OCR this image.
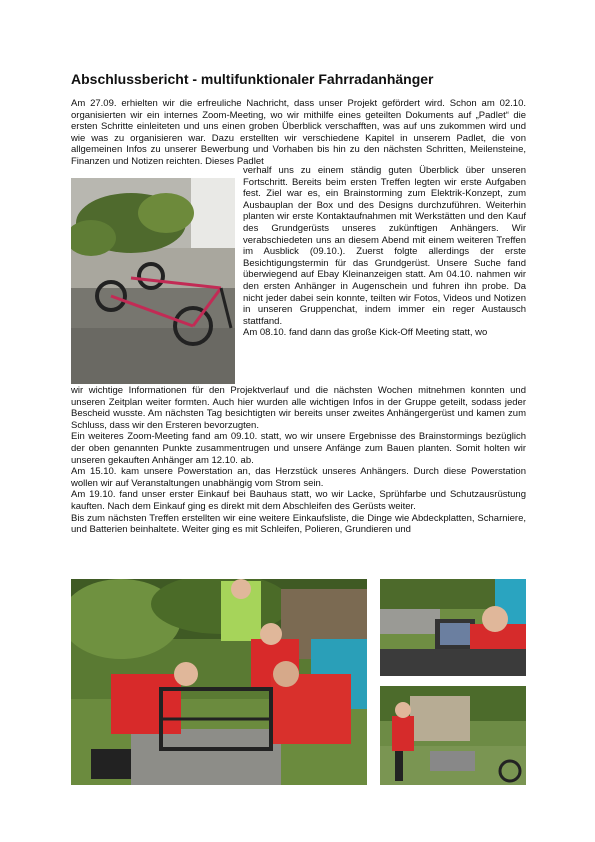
Abschlussbericht - multifunktionaler Fahrradanhänger

Am 27.09. erhielten wir die erfreuliche Nachricht, dass unser Projekt gefördert wird. Schon am 02.10. organisierten wir ein internes Zoom-Meeting, wo wir mithilfe eines geteilten Dokuments auf „Padlet“ die ersten Schritte einleiteten und uns einen groben Überblick verschafften, was auf uns zukommen wird und wie was zu organisieren war. Dazu erstellten wir verschiedene Kapitel in unserem Padlet, die von allgemeinen Infos zu unserer Bewerbung und Vorhaben bis hin zu den nächsten Schritten, Meilensteine, Finanzen und Notizen reichten. Dieses Padlet

verhalf uns zu einem ständig guten Überblick über unseren Fortschritt. Bereits beim ersten Treffen legten wir erste Aufgaben fest. Ziel war es, ein Brainstorming zum Elektrik-Konzept, zum Ausbauplan der Box und des Designs durchzuführen. Weiterhin planten wir erste Kontaktaufnahmen mit Werkstätten und den Kauf des Grundgerüsts unseres zukünftigen Anhängers. Wir verabschiedeten uns an diesem Abend mit einem weiteren Treffen im Ausblick (09.10.). Zuerst folgte allerdings der erste Besichtigungstermin für das Grundgerüst. Unsere Suche fand überwiegend auf Ebay Kleinanzeigen statt. Am 04.10. nahmen wir den ersten Anhänger in Augenschein und fuhren ihn probe. Da nicht jeder dabei sein konnte, teilten wir Fotos, Videos und Notizen in unseren Gruppenchat, indem immer ein reger Austausch stattfand.

Am 08.10. fand dann das große Kick-Off Meeting statt, wo

wir wichtige Informationen für den Projektverlauf und die nächsten Wochen mitnehmen konnten und unseren Zeitplan weiter formten. Auch hier wurden alle wichtigen Infos in der Gruppe geteilt, sodass jeder Bescheid wusste. Am nächsten Tag besichtigten wir bereits unser zweites Anhängergerüst und kamen zum Schluss, dass wir den Ersteren bevorzugten.

Ein weiteres Zoom-Meeting fand am 09.10. statt, wo wir unsere Ergebnisse des Brainstormings bezüglich der oben genannten Punkte zusammentrugen und unsere Anfänge zum Bauen planten. Somit holten wir unseren gekauften Anhänger am 12.10. ab.

Am 15.10. kam unsere Powerstation an, das Herzstück unseres Anhängers. Durch diese Powerstation wollen wir auf Veranstaltungen unabhängig vom Strom sein.

Am 19.10. fand unser erster Einkauf bei Bauhaus statt, wo wir Lacke, Sprühfarbe und Schutzausrüstung kauften. Nach dem Einkauf ging es direkt mit dem Abschleifen des Gerüsts weiter.

Bis zum nächsten Treffen erstellten wir eine weitere Einkaufsliste, die Dinge wie Abdeckplatten, Scharniere, und Batterien beinhaltete. Weiter ging es mit Schleifen, Polieren, Grundieren und
